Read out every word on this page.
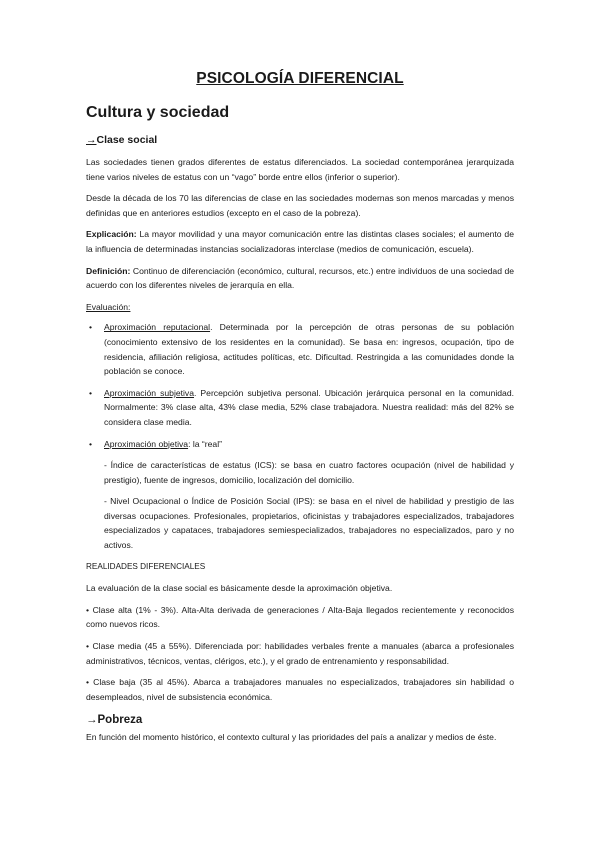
PSICOLOGÍA DIFERENCIAL
Cultura y sociedad
→Clase social

Las sociedades tienen grados diferentes de estatus diferenciados. La sociedad contemporánea jerarquizada tiene varios niveles de estatus con un “vago” borde entre ellos (inferior o superior).

Desde la década de los 70 las diferencias de clase en las sociedades modernas son menos marcadas y menos definidas que en anteriores estudios (excepto en el caso de la pobreza).

Explicación: La mayor movilidad y una mayor comunicación entre las distintas clases sociales; el aumento de la influencia de determinadas instancias socializadoras interclase (medios de comunicación, escuela).

Definición: Continuo de diferenciación (económico, cultural, recursos, etc.) entre individuos de una sociedad de acuerdo con los diferentes niveles de jerarquía en ella.

Evaluación:

• Aproximación reputacional. Determinada por la percepción de otras personas de su población (conocimiento extensivo de los residentes en la comunidad). Se basa en: ingresos, ocupación, tipo de residencia, afiliación religiosa, actitudes políticas, etc. Dificultad. Restringida a las comunidades donde la población se conoce.
• Aproximación subjetiva. Percepción subjetiva personal. Ubicación jerárquica personal en la comunidad. Normalmente: 3% clase alta, 43% clase media, 52% clase trabajadora. Nuestra realidad: más del 82% se considera clase media.
• Aproximación objetiva: la “real”

- Índice de características de estatus (ICS): se basa en cuatro factores ocupación (nivel de habilidad y prestigio), fuente de ingresos, domicilio, localización del domicilio.

- Nivel Ocupacional o Índice de Posición Social (IPS): se basa en el nivel de habilidad y prestigio de las diversas ocupaciones. Profesionales, propietarios, oficinistas y trabajadores especializados, trabajadores especializados y capataces, trabajadores semiespecializados, trabajadores no especializados, paro y no activos.

REALIDADES DIFERENCIALES

La evaluación de la clase social es básicamente desde la aproximación objetiva.

• Clase alta (1% - 3%). Alta-Alta derivada de generaciones / Alta-Baja llegados recientemente y reconocidos como nuevos ricos.

• Clase media (45 a 55%). Diferenciada por: habilidades verbales frente a manuales (abarca a profesionales administrativos, técnicos, ventas, clérigos, etc.), y el grado de entrenamiento y responsabilidad.

• Clase baja (35 al 45%). Abarca a trabajadores manuales no especializados, trabajadores sin habilidad o desempleados, nivel de subsistencia económica.

→Pobreza

En función del momento histórico, el contexto cultural y las prioridades del país a analizar y medios de éste.
